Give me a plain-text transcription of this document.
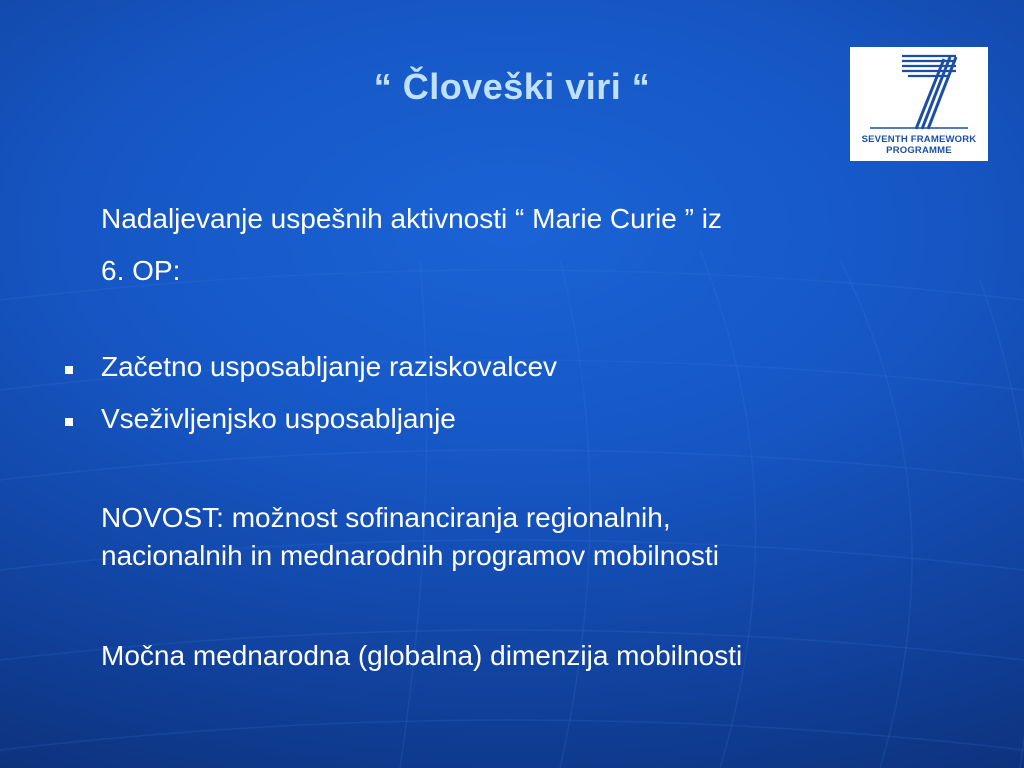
“ Človeški viri “
SEVENTH FRAMEWORK
PROGRAMME
Nadaljevanje uspešnih aktivnosti “ Marie Curie ” iz
6. OP:
Začetno usposabljanje raziskovalcev
Vseživljenjsko usposabljanje
NOVOST: možnost sofinanciranja regionalnih,
nacionalnih in mednarodnih programov mobilnosti
Močna mednarodna (globalna) dimenzija mobilnosti
